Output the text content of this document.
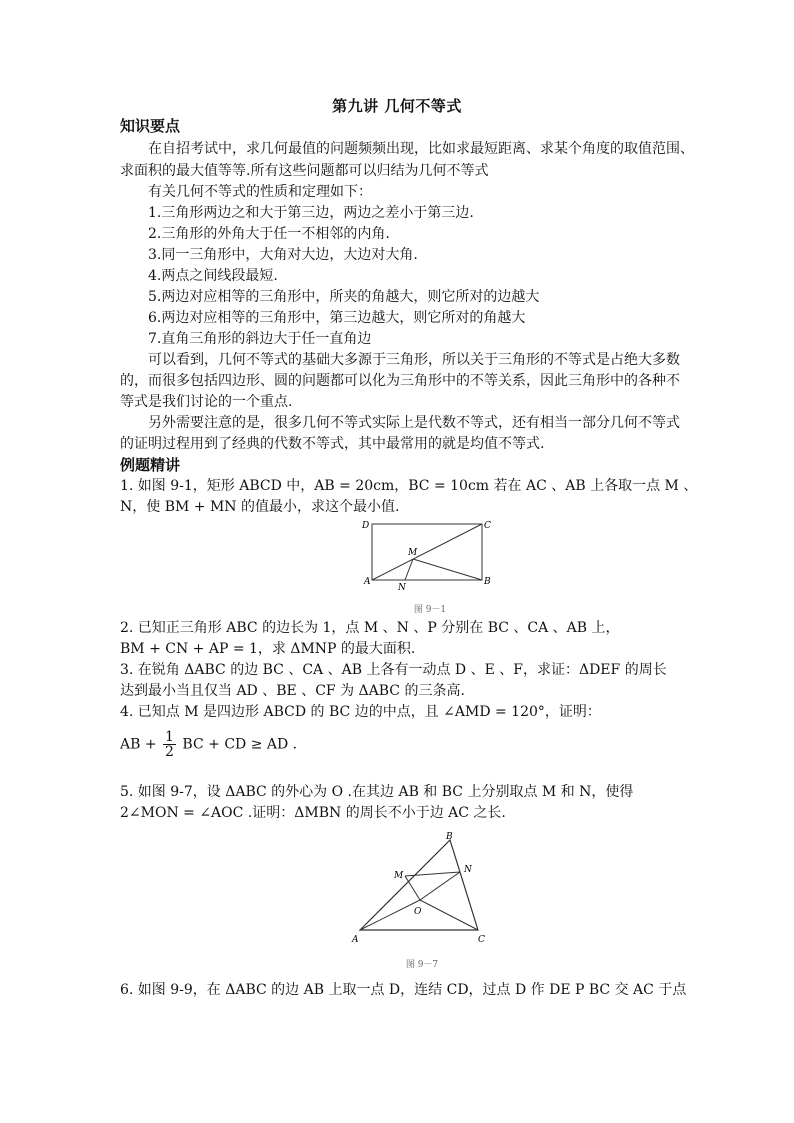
第九讲 几何不等式
知识要点
在自招考试中，求几何最值的问题频频出现，比如求最短距离、求某个角度的取值范围、
求面积的最大值等等.所有这些问题都可以归结为几何不等式
有关几何不等式的性质和定理如下：
1.三角形两边之和大于第三边，两边之差小于第三边.
2.三角形的外角大于任一不相邻的内角.
3.同一三角形中，大角对大边，大边对大角.
4.两点之间线段最短.
5.两边对应相等的三角形中，所夹的角越大，则它所对的边越大
6.两边对应相等的三角形中，第三边越大，则它所对的角越大
7.直角三角形的斜边大于任一直角边
可以看到，几何不等式的基础大多源于三角形，所以关于三角形的不等式是占绝大多数
的，而很多包括四边形、圆的问题都可以化为三角形中的不等关系，因此三角形中的各种不
等式是我们讨论的一个重点.
另外需要注意的是，很多几何不等式实际上是代数不等式，还有相当一部分几何不等式
的证明过程用到了经典的代数不等式，其中最常用的就是均值不等式.
例题精讲
1. 如图 9-1，矩形 ABCD 中，AB = 20cm，BC = 10cm 若在 AC 、AB 上各取一点 M 、
N，使 BM + MN 的值最小，求这个最小值.
D	C
A	B
M
N
图 9－1
2. 已知正三角形 ABC 的边长为 1，点 M 、N 、P 分别在 BC 、CA 、AB 上，
BM + CN + AP = 1，求 ΔMNP 的最大面积.
3. 在锐角 ΔABC 的边 BC 、CA 、AB 上各有一动点 D 、E 、F，求证：ΔDEF 的周长
达到最小当且仅当 AD 、BE 、CF 为 ΔABC 的三条高.
4. 已知点 M 是四边形 ABCD 的 BC 边的中点，且 ∠AMD = 120°，证明：
AB + $\frac{1}{2}$ BC + CD ≥ AD .
5. 如图 9-7，设 ΔABC 的外心为 O .在其边 AB 和 BC 上分别取点 M 和 N，使得
2∠MON = ∠AOC .证明：ΔMBN 的周长不小于边 AC 之长.
B
A	C
M
N
O
图 9－7
6. 如图 9-9，在 ΔABC 的边 AB 上取一点 D，连结 CD，过点 D 作 DE P BC 交 AC 于点
